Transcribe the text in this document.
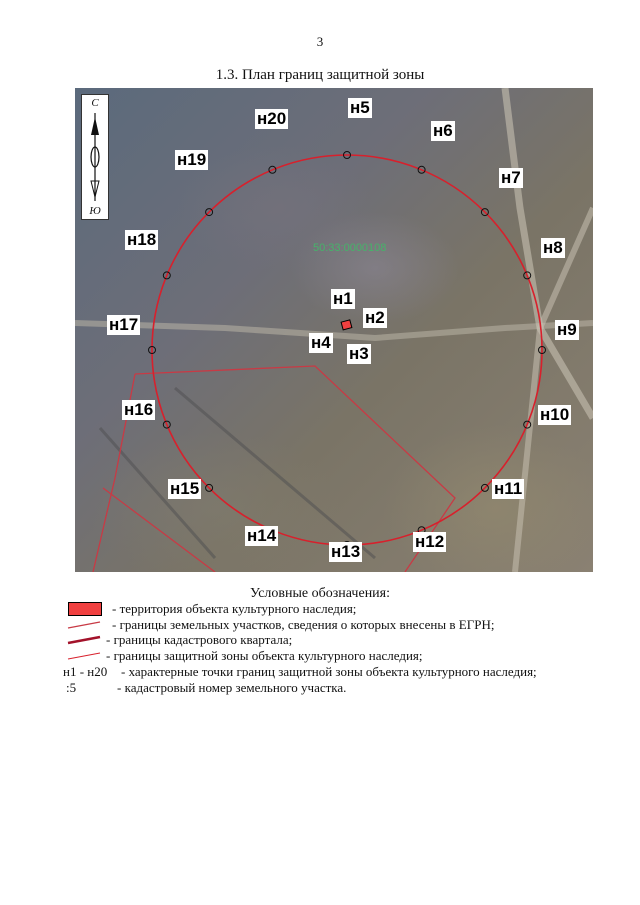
3
1.3. План границ защитной зоны
С
Ю
50:33:0000108
н5
н6
н7
н8
н9
н10
н11
н12
н13
н14
н15
н16
н17
н18
н19
н20
н1
н2
н3
н4
Условные обозначения:
- территория объекта культурного наследия;
- границы земельных участков, сведения о которых внесены в ЕГРН;
- границы кадастрового квартала;
- границы защитной зоны объекта культурного наследия;
н1 - н20 - характерные точки границ защитной зоны объекта культурного наследия;
:5	- кадастровый номер земельного участка.
